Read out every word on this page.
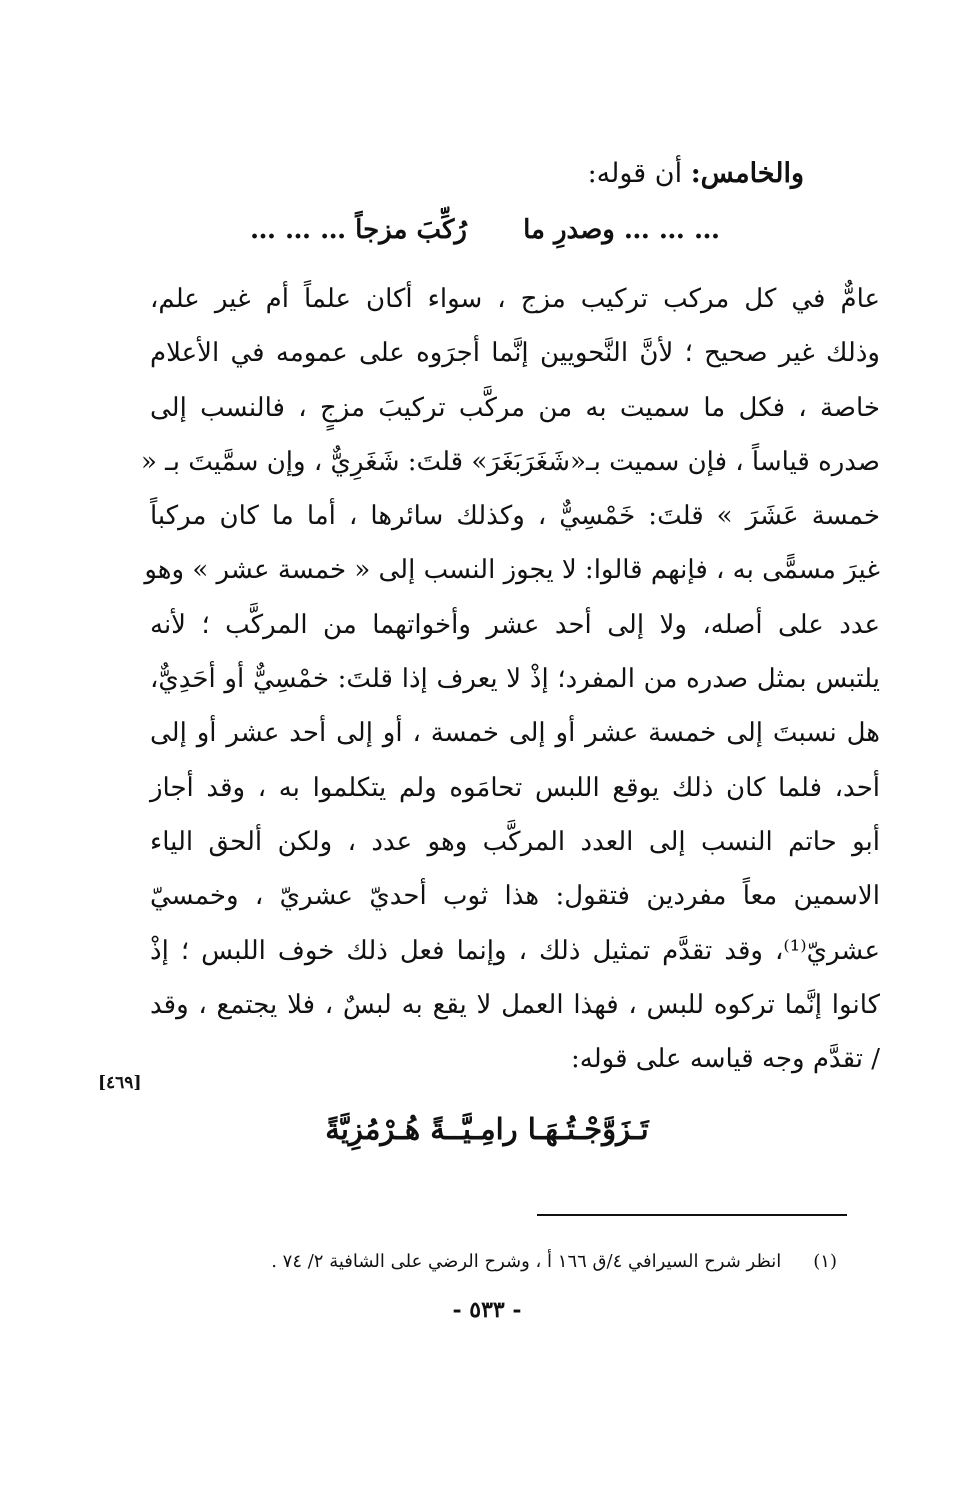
والخامس: أن قوله:
… … … وصدرِ ما
رُكِّبَ مزجاً … … …
عامٌّ في كل مركب تركيب مزج ، سواء أكان علماً أم غير علم،
وذلك غير صحيح ؛ لأنَّ النَّحويين إنَّما أجرَوه على عمومه في الأعلام
خاصة ، فكل ما سميت به من مركَّب تركيبَ مزجٍ ، فالنسب إلى
صدره قياساً ، فإن سميت بـ«شَغَرَبَغَرَ» قلتَ: شَغَرِيٌّ ، وإن سمَّيتَ بـ «
خمسة عَشَرَ » قلتَ: خَمْسِيٌّ ، وكذلك سائرها ، أما ما كان مركباً
غيرَ مسمًّى به ، فإنهم قالوا: لا يجوز النسب إلى « خمسة عشر » وهو
عدد على أصله، ولا إلى أحد عشر وأخواتهما من المركَّب ؛ لأنه
يلتبس بمثل صدره من المفرد؛ إذْ لا يعرف إذا قلتَ: خمْسِيٌّ أو أحَدِيٌّ،
هل نسبتَ إلى خمسة عشر أو إلى خمسة ، أو إلى أحد عشر أو إلى
أحد، فلما كان ذلك يوقع اللبس تحامَوه ولم يتكلموا به ، وقد أجاز
أبو حاتم النسب إلى العدد المركَّب وهو عدد ، ولكن ألحق الياء
الاسمين معاً مفردين فتقول: هذا ثوب أحديّ عشريّ ، وخمسيّ
عشريّ⁽¹⁾، وقد تقدَّم تمثيل ذلك ، وإنما فعل ذلك خوف اللبس ؛ إذْ
كانوا إنَّما تركوه للبس ، فهذا العمل لا يقع به لبسٌ ، فلا يجتمع ، وقد
/ تقدَّم وجه قياسه على قوله:
[٤٦٩]
تَـزَوَّجْـتُـهَـا رامِـيَّــةً هُـرْمُزِيَّةً
(١)انظر شرح السيرافي ٤/ق ١٦٦ أ ، وشرح الرضي على الشافية ٢/ ٧٤ .
- ٥٣٣ -
